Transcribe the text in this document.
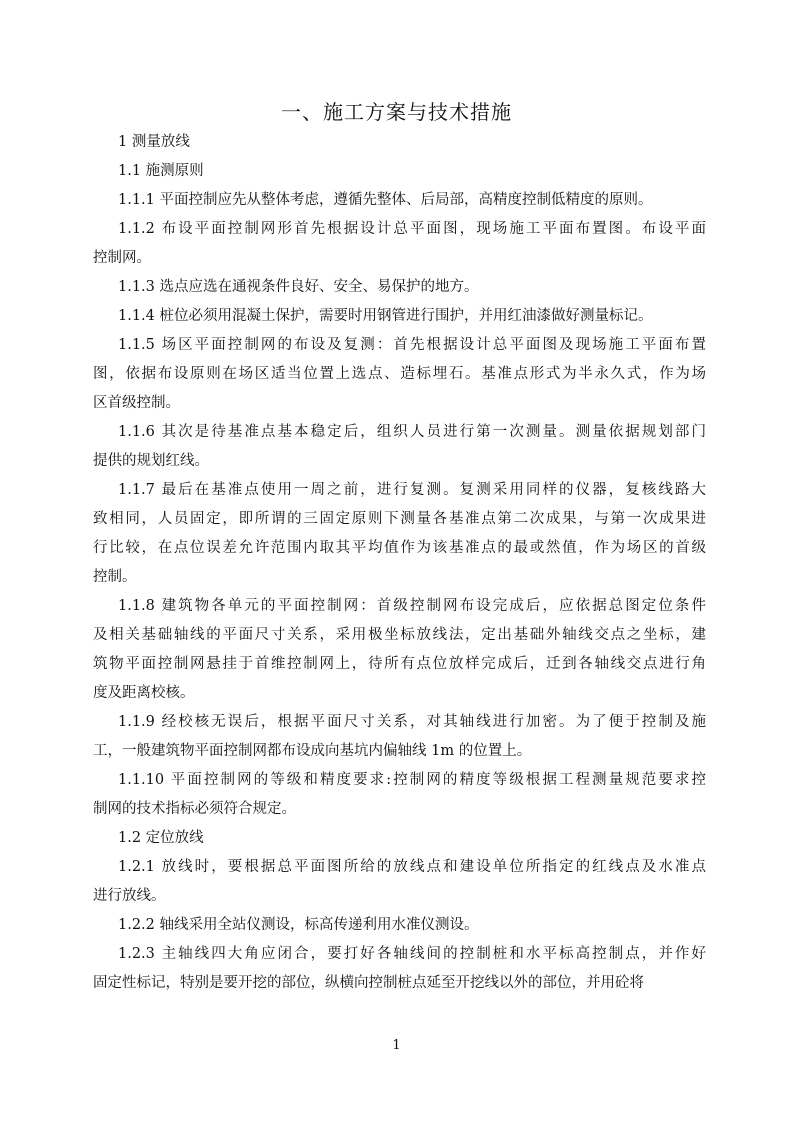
一、施工方案与技术措施
1 测量放线
1.1 施测原则
1.1.1 平面控制应先从整体考虑，遵循先整体、后局部，高精度控制低精度的原则。
1.1.2 布设平面控制网形首先根据设计总平面图，现场施工平面布置图。布设平面
控制网。
1.1.3 选点应选在通视条件良好、安全、易保护的地方。
1.1.4 桩位必须用混凝土保护，需要时用钢管进行围护，并用红油漆做好测量标记。
1.1.5 场区平面控制网的布设及复测：首先根据设计总平面图及现场施工平面布置
图，依据布设原则在场区适当位置上选点、造标埋石。基准点形式为半永久式，作为场
区首级控制。
1.1.6 其次是待基准点基本稳定后，组织人员进行第一次测量。测量依据规划部门
提供的规划红线。
1.1.7 最后在基准点使用一周之前，进行复测。复测采用同样的仪器，复核线路大
致相同，人员固定，即所谓的三固定原则下测量各基准点第二次成果，与第一次成果进
行比较，在点位误差允许范围内取其平均值作为该基准点的最或然值，作为场区的首级
控制。
1.1.8 建筑物各单元的平面控制网：首级控制网布设完成后，应依据总图定位条件
及相关基础轴线的平面尺寸关系，采用极坐标放线法，定出基础外轴线交点之坐标，建
筑物平面控制网悬挂于首维控制网上，待所有点位放样完成后，迁到各轴线交点进行角
度及距离校核。
1.1.9 经校核无误后，根据平面尺寸关系，对其轴线进行加密。为了便于控制及施
工，一般建筑物平面控制网都布设成向基坑内偏轴线 1m 的位置上。
1.1.10 平面控制网的等级和精度要求:控制网的精度等级根据工程测量规范要求控
制网的技术指标必须符合规定。
1.2 定位放线
1.2.1 放线时，要根据总平面图所给的放线点和建设单位所指定的红线点及水准点
进行放线。
1.2.2 轴线采用全站仪测设，标高传递利用水准仪测设。
1.2.3 主轴线四大角应闭合，要打好各轴线间的控制桩和水平标高控制点，并作好
固定性标记，特别是要开挖的部位，纵横向控制桩点延至开挖线以外的部位，并用砼将
1
